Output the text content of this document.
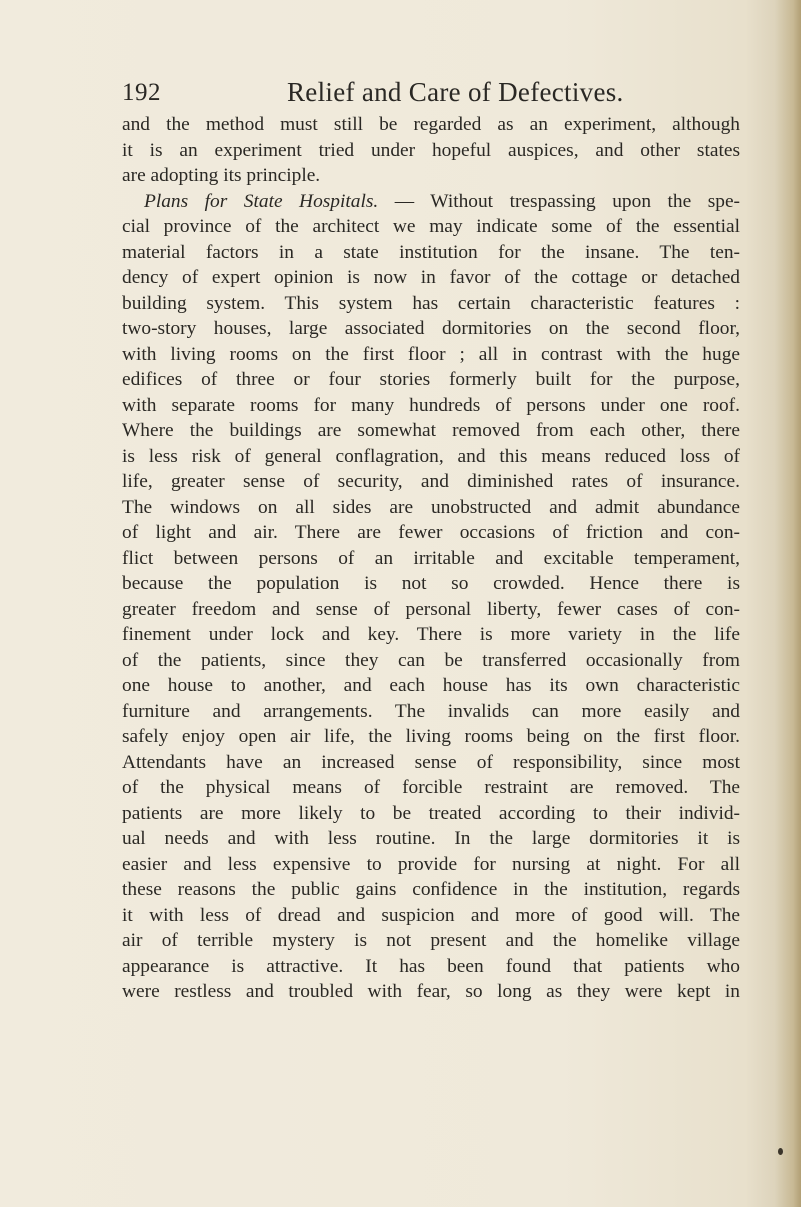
192	Relief and Care of Defectives.
and the method must still be regarded as an experiment, although
it is an experiment tried under hopeful auspices, and other states
are adopting its principle.
Plans for State Hospitals. — Without trespassing upon the spe-
cial province of the architect we may indicate some of the essential
material factors in a state institution for the insane. The ten-
dency of expert opinion is now in favor of the cottage or detached
building system. This system has certain characteristic features :
two-story houses, large associated dormitories on the second floor,
with living rooms on the first floor ; all in contrast with the huge
edifices of three or four stories formerly built for the purpose,
with separate rooms for many hundreds of persons under one roof.
Where the buildings are somewhat removed from each other, there
is less risk of general conflagration, and this means reduced loss of
life, greater sense of security, and diminished rates of insurance.
The windows on all sides are unobstructed and admit abundance
of light and air. There are fewer occasions of friction and con-
flict between persons of an irritable and excitable temperament,
because the population is not so crowded. Hence there is
greater freedom and sense of personal liberty, fewer cases of con-
finement under lock and key. There is more variety in the life
of the patients, since they can be transferred occasionally from
one house to another, and each house has its own characteristic
furniture and arrangements. The invalids can more easily and
safely enjoy open air life, the living rooms being on the first floor.
Attendants have an increased sense of responsibility, since most
of the physical means of forcible restraint are removed. The
patients are more likely to be treated according to their individ-
ual needs and with less routine. In the large dormitories it is
easier and less expensive to provide for nursing at night. For all
these reasons the public gains confidence in the institution, regards
it with less of dread and suspicion and more of good will. The
air of terrible mystery is not present and the homelike village
appearance is attractive. It has been found that patients who
were restless and troubled with fear, so long as they were kept in
